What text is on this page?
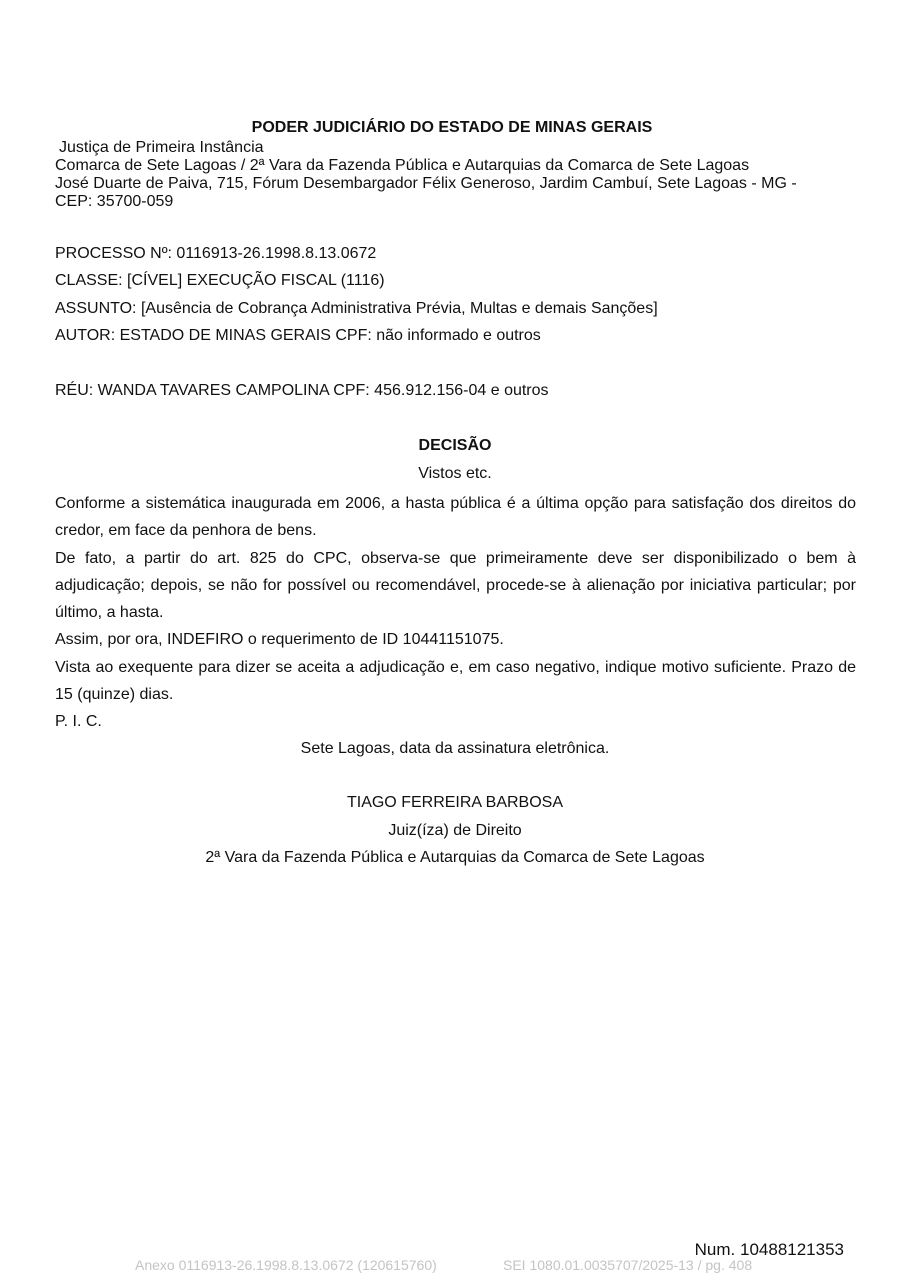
PODER JUDICIÁRIO DO ESTADO DE MINAS GERAIS
Justiça de Primeira Instância
Comarca de Sete Lagoas / 2ª Vara da Fazenda Pública e Autarquias da Comarca de Sete Lagoas
José Duarte de Paiva, 715, Fórum Desembargador Félix Generoso, Jardim Cambuí, Sete Lagoas - MG -
CEP: 35700-059
PROCESSO Nº: 0116913-26.1998.8.13.0672
CLASSE: [CÍVEL] EXECUÇÃO FISCAL (1116)
ASSUNTO: [Ausência de Cobrança Administrativa Prévia, Multas e demais Sanções]
AUTOR: ESTADO DE MINAS GERAIS CPF: não informado e outros
RÉU: WANDA TAVARES CAMPOLINA CPF: 456.912.156-04 e outros
DECISÃO
Vistos etc.

Conforme a sistemática inaugurada em 2006, a hasta pública é a última opção para satisfação dos direitos do credor, em face da penhora de bens.

De fato, a partir do art. 825 do CPC, observa-se que primeiramente deve ser disponibilizado o bem à adjudicação; depois, se não for possível ou recomendável, procede-se à alienação por iniciativa particular; por último, a hasta.

Assim, por ora, INDEFIRO o requerimento de ID 10441151075.

Vista ao exequente para dizer se aceita a adjudicação e, em caso negativo, indique motivo suficiente. Prazo de 15 (quinze) dias.

P. I. C.

Sete Lagoas, data da assinatura eletrônica.
TIAGO FERREIRA BARBOSA
Juiz(íza) de Direito
2ª Vara da Fazenda Pública e Autarquias da Comarca de Sete Lagoas
Num. 10488121353
Anexo 0116913-26.1998.8.13.0672 (120615760)	SEI 1080.01.0035707/2025-13 / pg. 408
